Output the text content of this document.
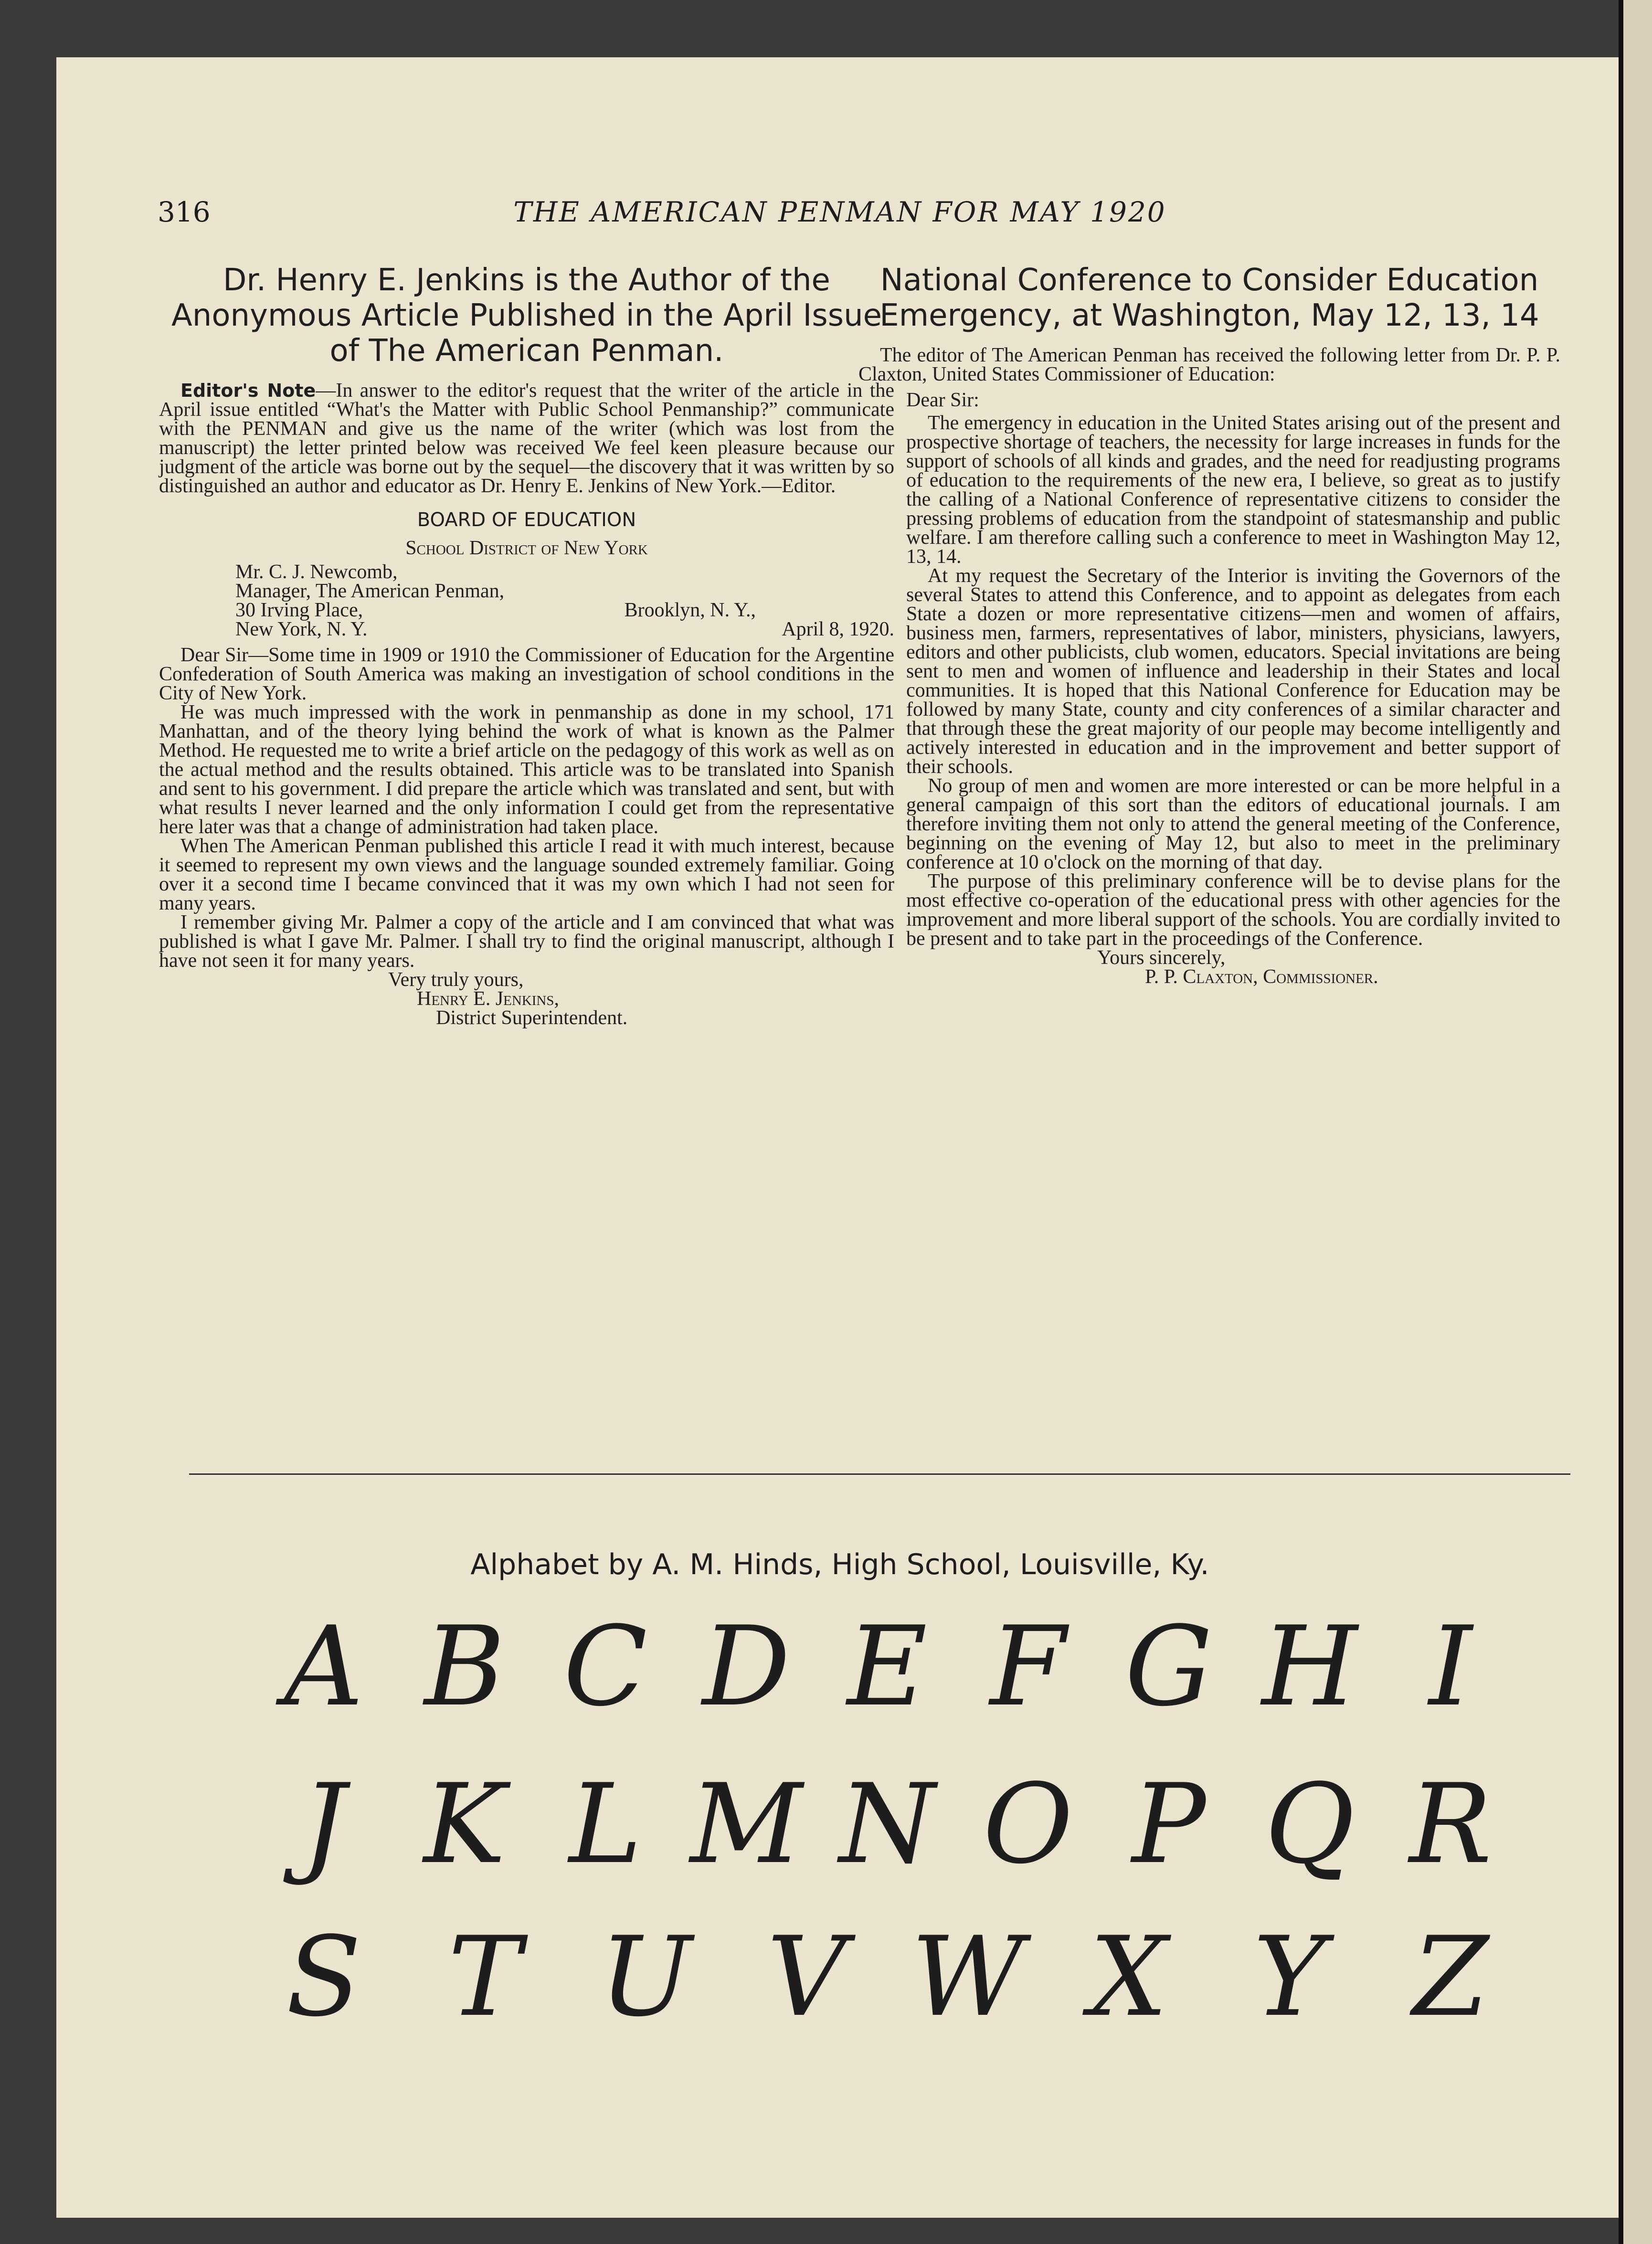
316	THE AMERICAN PENMAN FOR MAY 1920
Dr. Henry E. Jenkins is the Author of the Anonymous Article Published in the April Issue of The American Penman.

Editor's Note—In answer to the editor's request that the writer of the article in the April issue entitled “What's the Matter with Public School Penmanship?” communicate with the PENMAN and give us the name of the writer (which was lost from the manuscript) the letter printed below was received We feel keen pleasure because our judgment of the article was borne out by the sequel—the discovery that it was written by so distinguished an author and educator as Dr. Henry E. Jenkins of New York.—Editor.

BOARD OF EDUCATION

School District of New York

Mr. C. J. Newcomb,

Manager, The American Penman,

30 Irving Place,	Brooklyn, N. Y.,
New York, N. Y.	April 8, 1920.

Dear Sir—Some time in 1909 or 1910 the Commissioner of Education for the Argentine Confederation of South America was making an investigation of school conditions in the City of New York.

He was much impressed with the work in penmanship as done in my school, 171 Manhattan, and of the theory lying behind the work of what is known as the Palmer Method. He requested me to write a brief article on the pedagogy of this work as well as on the actual method and the results obtained. This article was to be translated into Spanish and sent to his government. I did prepare the article which was translated and sent, but with what results I never learned and the only information I could get from the representative here later was that a change of administration had taken place.

When The American Penman published this article I read it with much interest, because it seemed to represent my own views and the language sounded extremely familiar. Going over it a second time I became convinced that it was my own which I had not seen for many years.

I remember giving Mr. Palmer a copy of the article and I am convinced that what was published is what I gave Mr. Palmer. I shall try to find the original manuscript, although I have not seen it for many years.

Very truly yours,

Henry E. Jenkins,

District Superintendent.

National Conference to Consider Education Emergency, at Washington, May 12, 13, 14

The editor of The American Penman has received the following letter from Dr. P. P. Claxton, United States Commissioner of Education:

Dear Sir:

The emergency in education in the United States arising out of the present and prospective shortage of teachers, the necessity for large increases in funds for the support of schools of all kinds and grades, and the need for readjusting programs of education to the requirements of the new era, I believe, so great as to justify the calling of a National Conference of representative citizens to consider the pressing problems of education from the standpoint of statesmanship and public welfare. I am therefore calling such a conference to meet in Washington May 12, 13, 14.

At my request the Secretary of the Interior is inviting the Governors of the several States to attend this Conference, and to appoint as delegates from each State a dozen or more representative citizens—men and women of affairs, business men, farmers, representatives of labor, ministers, physicians, lawyers, editors and other publicists, club women, educators. Special invitations are being sent to men and women of influence and leadership in their States and local communities. It is hoped that this National Conference for Education may be followed by many State, county and city conferences of a similar character and that through these the great majority of our people may become intelligently and actively interested in education and in the improvement and better support of their schools.

No group of men and women are more interested or can be more helpful in a general campaign of this sort than the editors of educational journals. I am therefore inviting them not only to attend the general meeting of the Conference, beginning on the evening of May 12, but also to meet in the preliminary conference at 10 o'clock on the morning of that day.

The purpose of this preliminary conference will be to devise plans for the most effective co-operation of the educational press with other agencies for the improvement and more liberal support of the schools. You are cordially invited to be present and to take part in the proceedings of the Conference.

Yours sincerely,

P. P. Claxton, Commissioner.

Alphabet by A. M. Hinds, High School, Louisville, Ky.
A B C D E F G H I
J K L M N O P Q R
S T U V W X Y Z
